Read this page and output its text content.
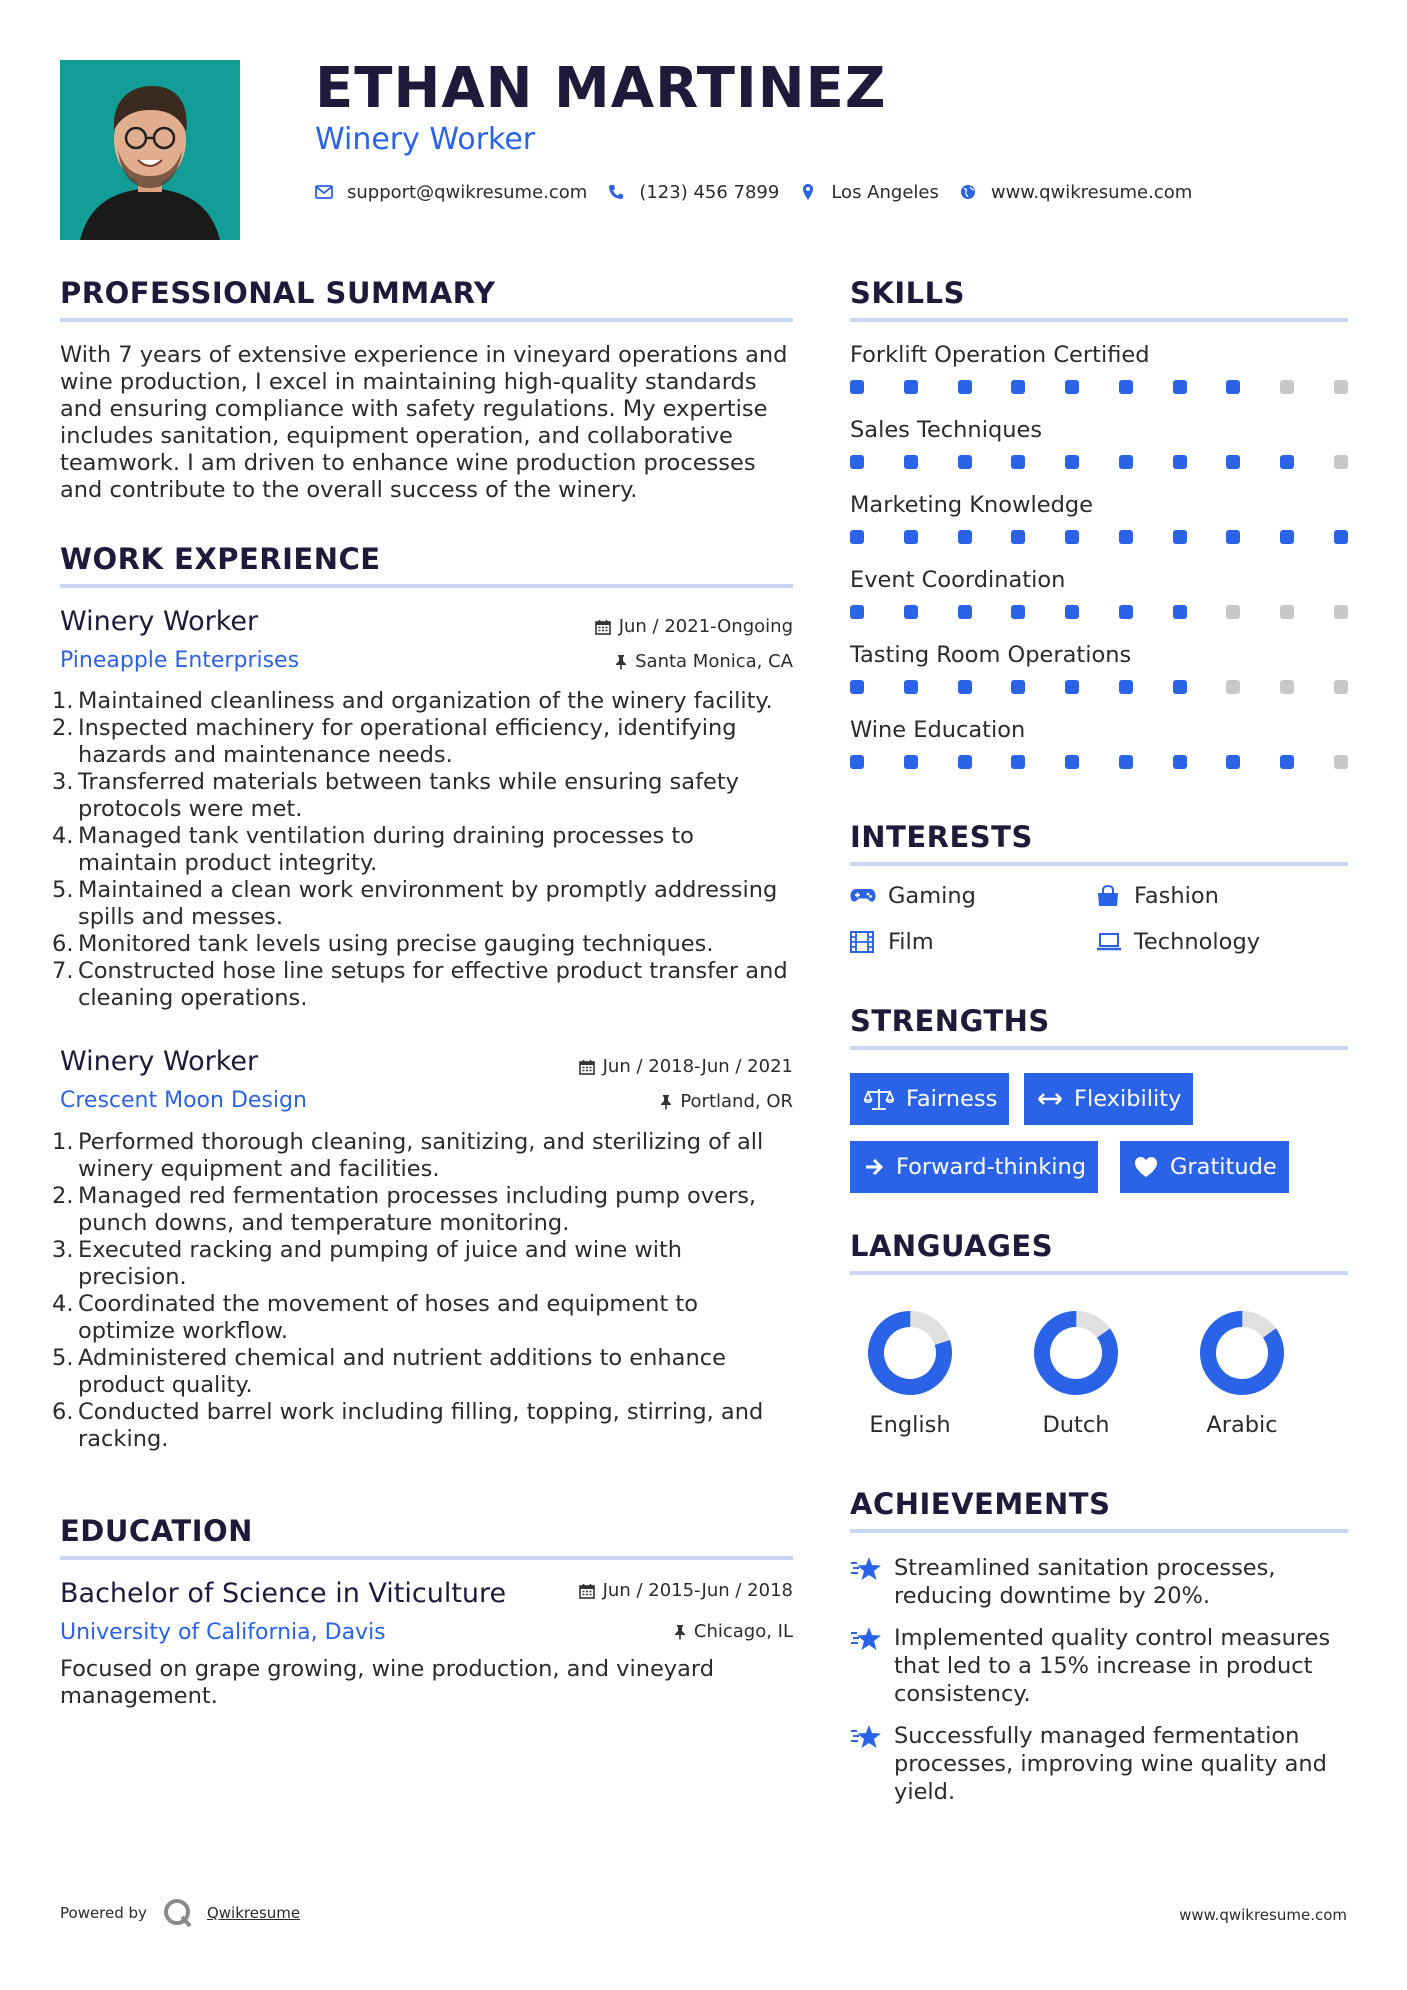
ETHAN MARTINEZ
Winery Worker
support@qwikresume.com	(123) 456 7899	Los Angeles	www.qwikresume.com
PROFESSIONAL SUMMARY
With 7 years of extensive experience in vineyard operations and wine production, I excel in maintaining high-quality standards and ensuring compliance with safety regulations. My expertise includes sanitation, equipment operation, and collaborative teamwork. I am driven to enhance wine production processes and contribute to the overall success of the winery.
WORK EXPERIENCE
Winery Worker	Jun / 2021-Ongoing
Pineapple Enterprises	Santa Monica, CA
1. Maintained cleanliness and organization of the winery facility.
2. Inspected machinery for operational efficiency, identifying hazards and maintenance needs.
3. Transferred materials between tanks while ensuring safety protocols were met.
4. Managed tank ventilation during draining processes to maintain product integrity.
5. Maintained a clean work environment by promptly addressing spills and messes.
6. Monitored tank levels using precise gauging techniques.
7. Constructed hose line setups for effective product transfer and cleaning operations.
Winery Worker	Jun / 2018-Jun / 2021
Crescent Moon Design	Portland, OR
1. Performed thorough cleaning, sanitizing, and sterilizing of all winery equipment and facilities.
2. Managed red fermentation processes including pump overs, punch downs, and temperature monitoring.
3. Executed racking and pumping of juice and wine with precision.
4. Coordinated the movement of hoses and equipment to optimize workflow.
5. Administered chemical and nutrient additions to enhance product quality.
6. Conducted barrel work including filling, topping, stirring, and racking.
EDUCATION
Bachelor of Science in Viticulture	Jun / 2015-Jun / 2018
University of California, Davis	Chicago, IL
Focused on grape growing, wine production, and vineyard management.
SKILLS
Forklift Operation Certified
Sales Techniques
Marketing Knowledge
Event Coordination
Tasting Room Operations
Wine Education
INTERESTS
Gaming	Fashion
Film	Technology
STRENGTHS
Fairness	Flexibility
Forward-thinking	Gratitude
LANGUAGES
English	Dutch	Arabic
ACHIEVEMENTS
Streamlined sanitation processes, reducing downtime by 20%.
Implemented quality control measures that led to a 15% increase in product consistency.
Successfully managed fermentation processes, improving wine quality and yield.
Powered by	Qwikresume	www.qwikresume.com
